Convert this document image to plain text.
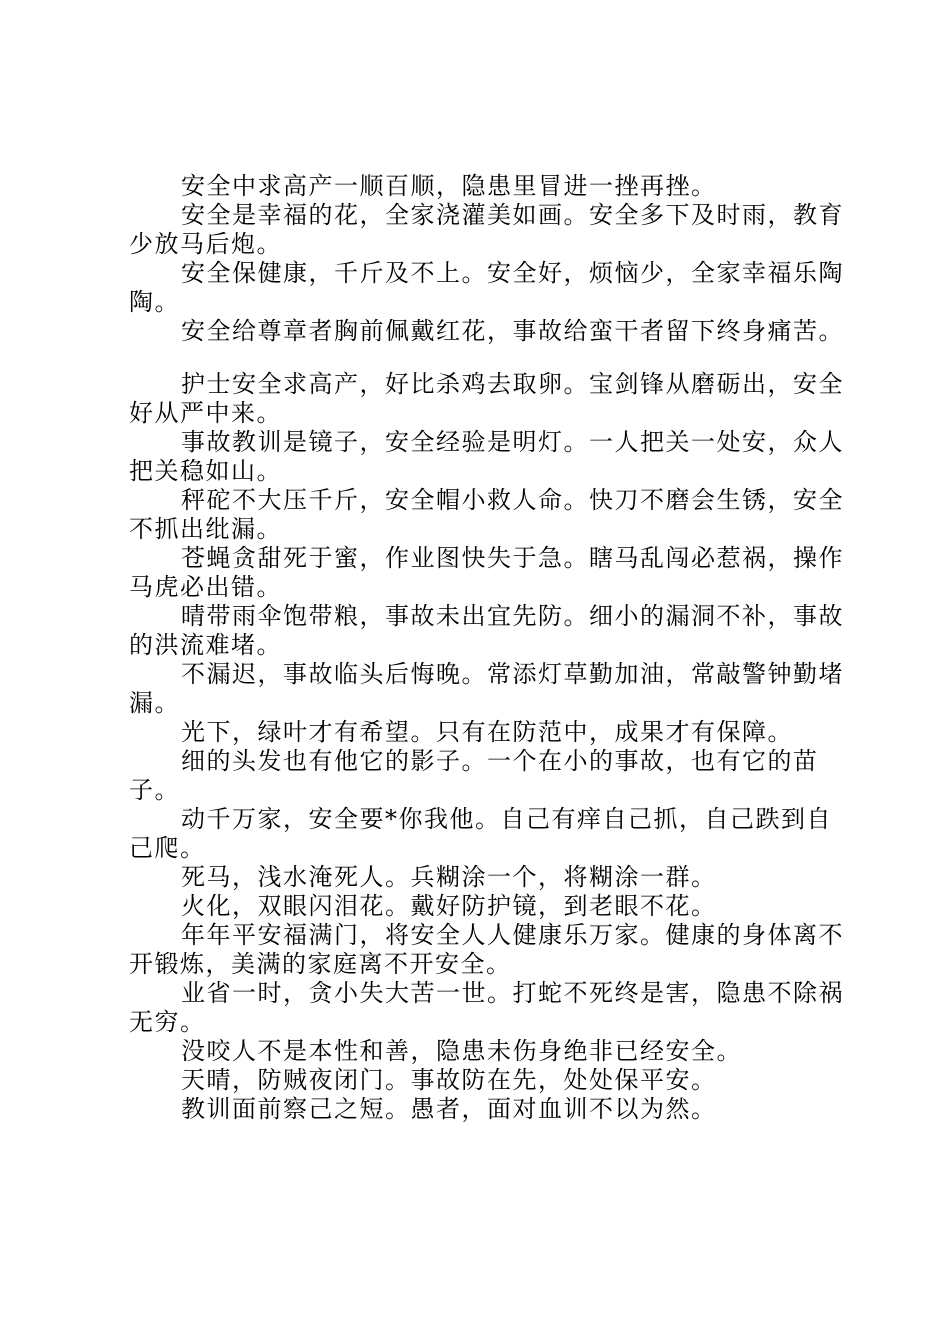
安全中求高产一顺百顺，隐患里冒进一挫再挫。

安全是幸福的花，全家浇灌美如画。安全多下及时雨，教育少放马后炮。

安全保健康，千斤及不上。安全好，烦恼少，全家幸福乐陶陶。

安全给尊章者胸前佩戴红花，事故给蛮干者留下终身痛苦。

护士安全求高产，好比杀鸡去取卵。宝剑锋从磨砺出，安全好从严中来。

事故教训是镜子，安全经验是明灯。一人把关一处安，众人把关稳如山。

秤砣不大压千斤，安全帽小救人命。快刀不磨会生锈，安全不抓出纰漏。

苍蝇贪甜死于蜜，作业图快失于急。瞎马乱闯必惹祸，操作马虎必出错。

晴带雨伞饱带粮，事故未出宜先防。细小的漏洞不补，事故的洪流难堵。

不漏迟，事故临头后悔晚。常添灯草勤加油，常敲警钟勤堵漏。

光下，绿叶才有希望。只有在防范中，成果才有保障。

细的头发也有他它的影子。一个在小的事故，也有它的苗子。

动千万家，安全要*你我他。自己有痒自己抓，自己跌到自己爬。

死马，浅水淹死人。兵糊涂一个，将糊涂一群。

火化，双眼闪泪花。戴好防护镜，到老眼不花。

年年平安福满门，将安全人人健康乐万家。健康的身体离不开锻炼，美满的家庭离不开安全。

业省一时，贪小失大苦一世。打蛇不死终是害，隐患不除祸无穷。

没咬人不是本性和善，隐患未伤身绝非已经安全。

天晴，防贼夜闭门。事故防在先，处处保平安。

教训面前察己之短。愚者，面对血训不以为然。
